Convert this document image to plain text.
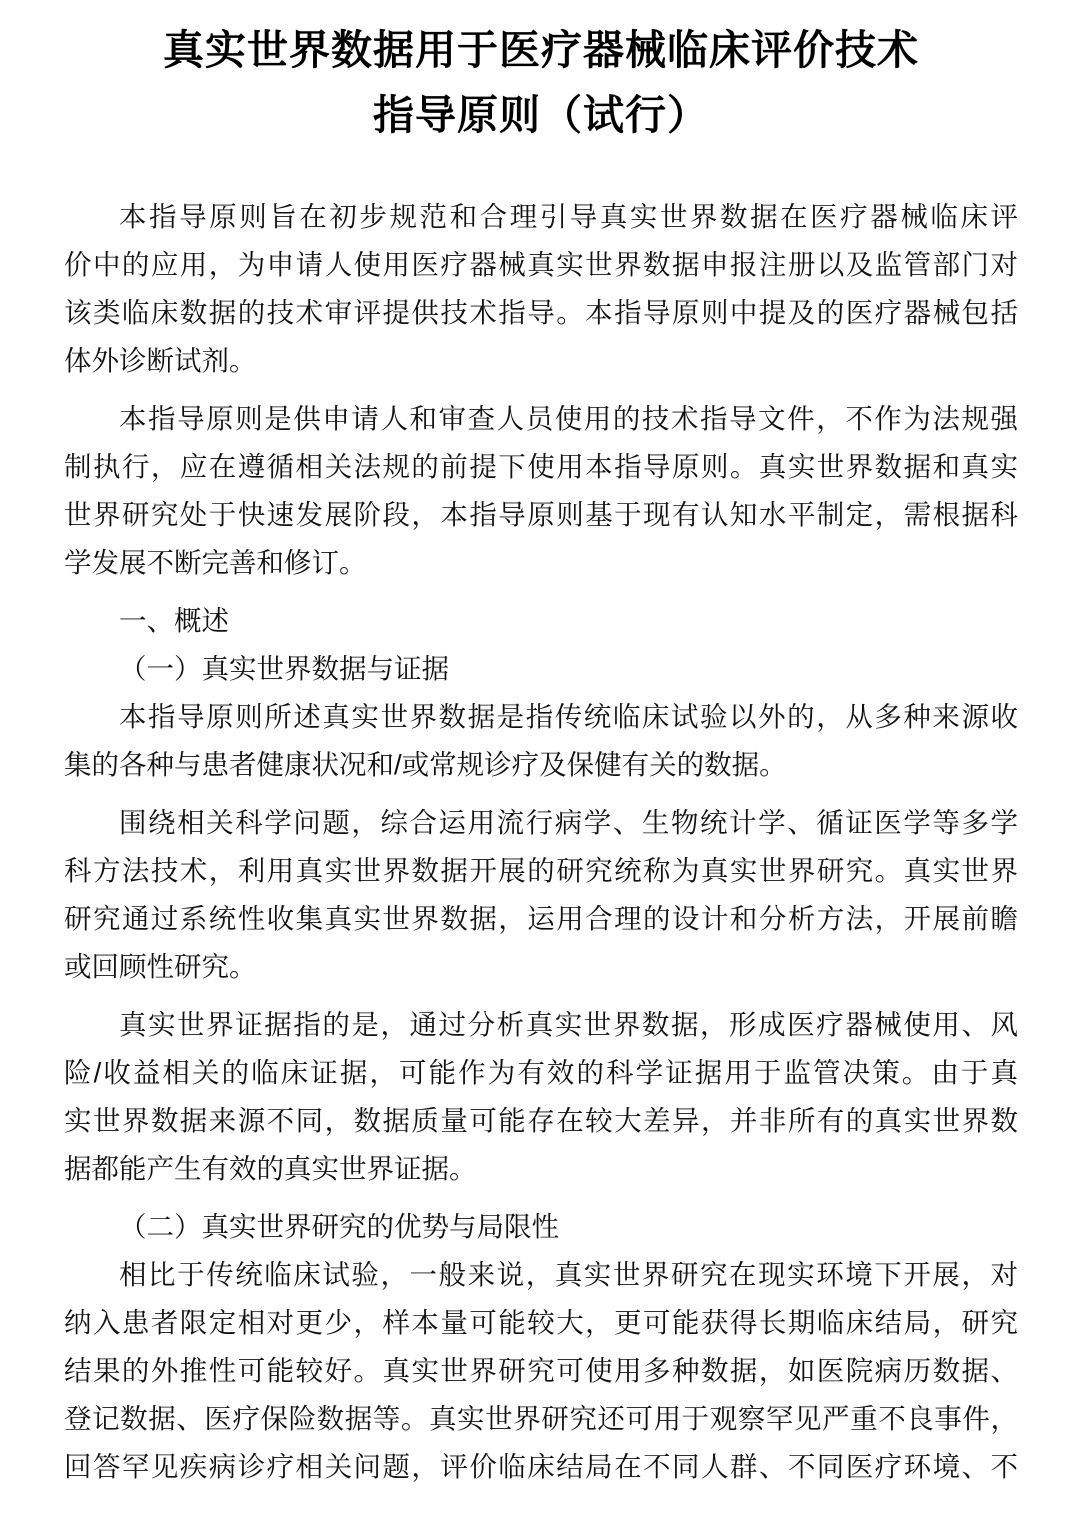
真实世界数据用于医疗器械临床评价技术
指导原则（试行）
本指导原则旨在初步规范和合理引导真实世界数据在医疗器械临床评
价中的应用，为申请人使用医疗器械真实世界数据申报注册以及监管部门对
该类临床数据的技术审评提供技术指导。本指导原则中提及的医疗器械包括
体外诊断试剂。
本指导原则是供申请人和审查人员使用的技术指导文件，不作为法规强
制执行，应在遵循相关法规的前提下使用本指导原则。真实世界数据和真实
世界研究处于快速发展阶段，本指导原则基于现有认知水平制定，需根据科
学发展不断完善和修订。
一、概述
（一）真实世界数据与证据
本指导原则所述真实世界数据是指传统临床试验以外的，从多种来源收
集的各种与患者健康状况和/或常规诊疗及保健有关的数据。
围绕相关科学问题，综合运用流行病学、生物统计学、循证医学等多学
科方法技术，利用真实世界数据开展的研究统称为真实世界研究。真实世界
研究通过系统性收集真实世界数据，运用合理的设计和分析方法，开展前瞻
或回顾性研究。
真实世界证据指的是，通过分析真实世界数据，形成医疗器械使用、风
险/收益相关的临床证据，可能作为有效的科学证据用于监管决策。由于真
实世界数据来源不同，数据质量可能存在较大差异，并非所有的真实世界数
据都能产生有效的真实世界证据。
（二）真实世界研究的优势与局限性
相比于传统临床试验，一般来说，真实世界研究在现实环境下开展，对
纳入患者限定相对更少，样本量可能较大，更可能获得长期临床结局，研究
结果的外推性可能较好。真实世界研究可使用多种数据，如医院病历数据、
登记数据、医疗保险数据等。真实世界研究还可用于观察罕见严重不良事件，
回答罕见疾病诊疗相关问题，评价临床结局在不同人群、不同医疗环境、不
